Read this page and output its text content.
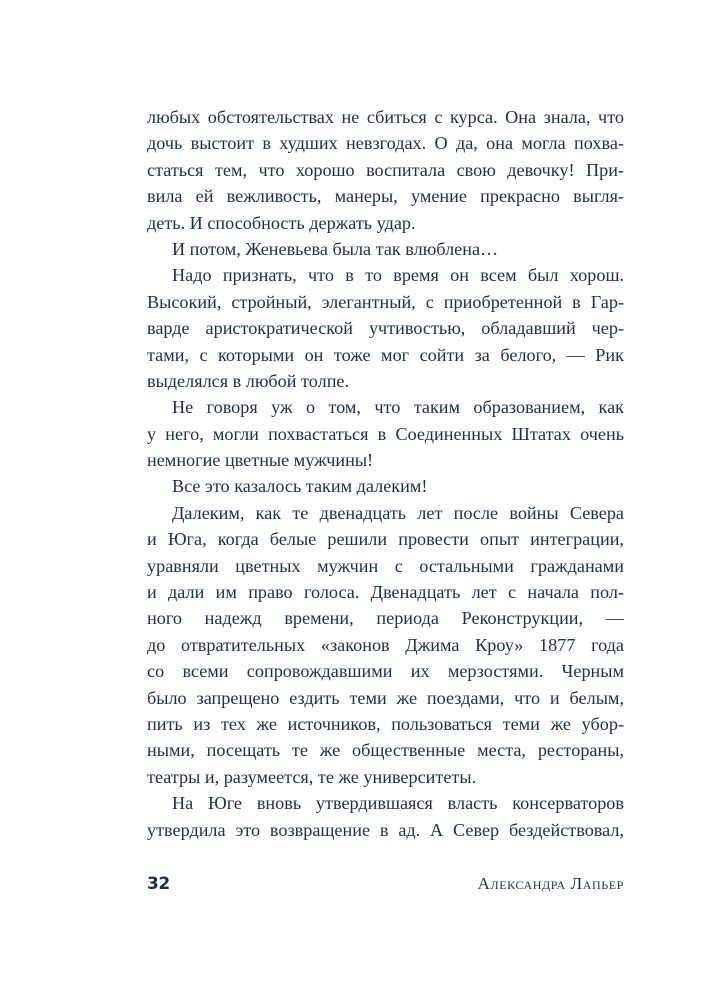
любых обстоятельствах не сбиться с курса. Она знала, что
дочь выстоит в худших невзгодах. О да, она могла похва-
статься тем, что хорошо воспитала свою девочку! При-
вила ей вежливость, манеры, умение прекрасно выгля-
деть. И способность держать удар.
И потом, Женевьева была так влюблена…
Надо признать, что в то время он всем был хорош.
Высокий, стройный, элегантный, с приобретенной в Гар-
варде аристократической учтивостью, обладавший чер-
тами, с которыми он тоже мог сойти за белого, — Рик
выделялся в любой толпе.
Не говоря уж о том, что таким образованием, как
у него, могли похвастаться в Соединенных Штатах очень
немногие цветные мужчины!
Все это казалось таким далеким!
Далеким, как те двенадцать лет после войны Севера
и Юга, когда белые решили провести опыт интеграции,
уравняли цветных мужчин с остальными гражданами
и дали им право голоса. Двенадцать лет с начала пол-
ного надежд времени, периода Реконструкции, —
до отвратительных «законов Джима Кроу» 1877 года
со всеми сопровождавшими их мерзостями. Черным
было запрещено ездить теми же поездами, что и белым,
пить из тех же источников, пользоваться теми же убор-
ными, посещать те же общественные места, рестораны,
театры и, разумеется, те же университеты.
На Юге вновь утвердившаяся власть консерваторов
утвердила это возвращение в ад. А Север бездействовал,
32	Александра Лапьер
